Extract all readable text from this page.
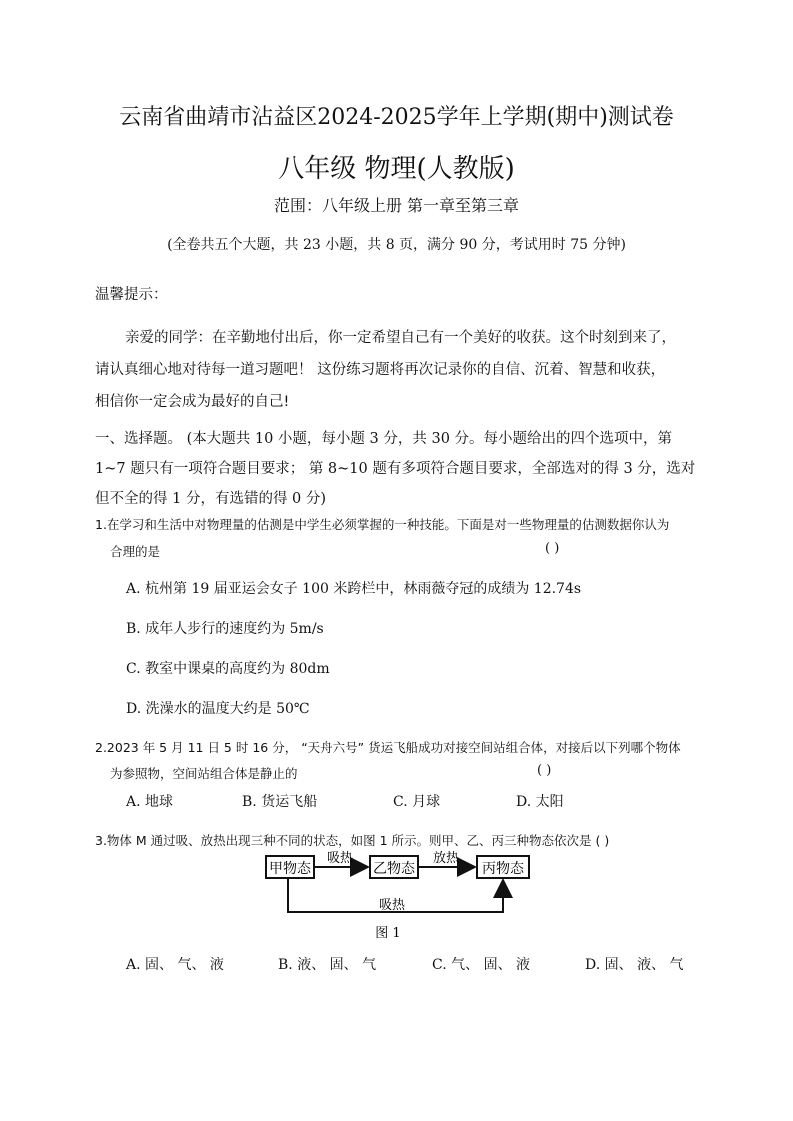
云南省曲靖市沾益区2024-2025学年上学期(期中)测试卷
八年级 物理(人教版)
范围：八年级上册 第一章至第三章
(全卷共五个大题，共 23 小题，共 8 页，满分 90 分，考试用时 75 分钟)
温馨提示：

亲爱的同学：在辛勤地付出后，你一定希望自己有一个美好的收获。这个时刻到来了，

请认真细心地对待每一道习题吧！ 这份练习题将再次记录你的自信、沉着、智慧和收获，

相信你一定会成为最好的自己!

一、选择题。 (本大题共 10 小题，每小题 3 分，共 30 分。每小题给出的四个选项中，第

1~7 题只有一项符合题目要求； 第 8~10 题有多项符合题目要求，全部选对的得 3 分，选对

但不全的得 1 分，有选错的得 0 分)

1.在学习和生活中对物理量的估测是中学生必须掌握的一种技能。下面是对一些物理量的估测数据你认为
合理的是	( )
A. 杭州第 19 届亚运会女子 100 米跨栏中，林雨薇夺冠的成绩为 12.74s
B. 成年人步行的速度约为 5m/s
C. 教室中课桌的高度约为 80dm
D. 洗澡水的温度大约是 50℃
2.2023 年 5 月 11 日 5 时 16 分， “天舟六号” 货运飞船成功对接空间站组合体，对接后以下列哪个物体
为参照物，空间站组合体是静止的	( )
A. 地球	B. 货运飞船	C. 月球	D. 太阳
3.物体 M 通过吸、放热出现三种不同的状态，如图 1 所示。则甲、乙、丙三种物态依次是 ( )
甲物态	乙物态	丙物态
吸热	放热
吸热
图 1
A. 固、 气、 液	B. 液、 固、 气	C. 气、 固、 液	D. 固、 液、 气
